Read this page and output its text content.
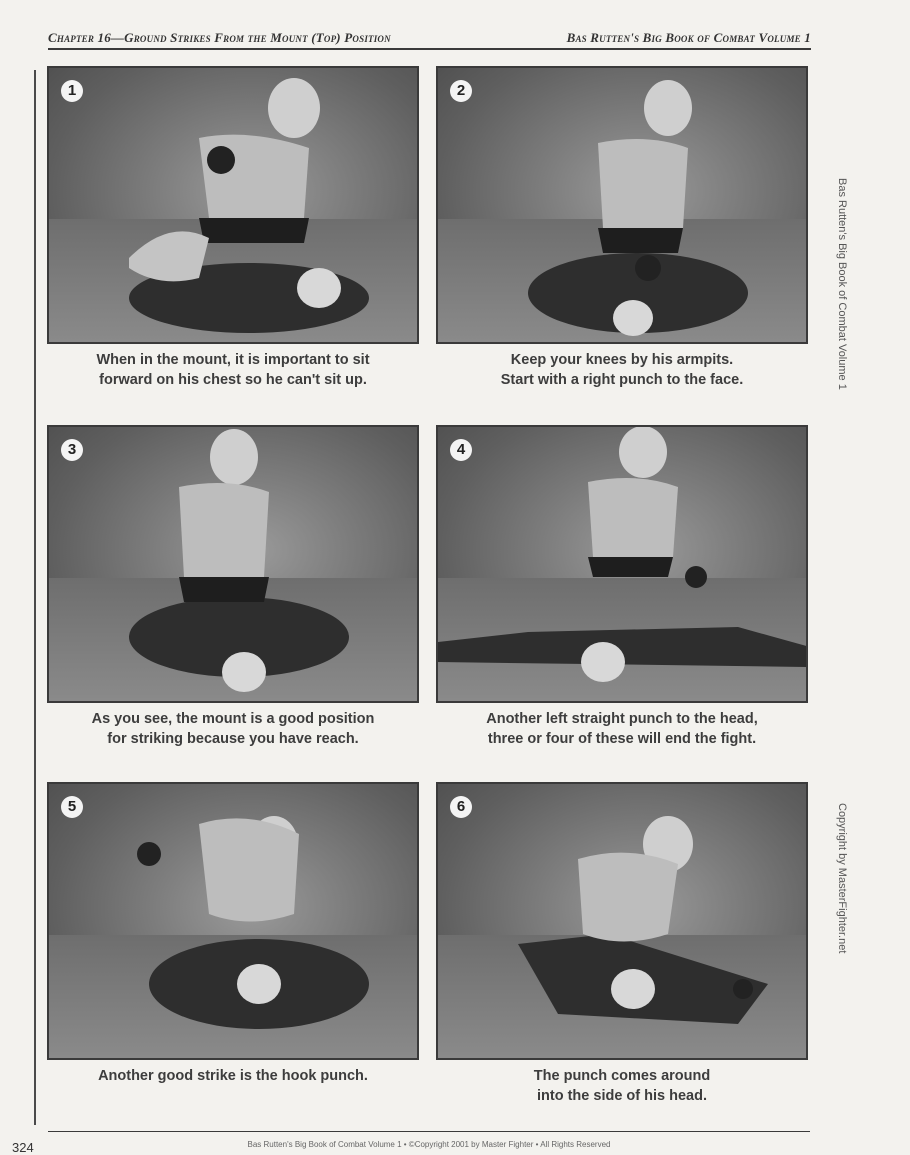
Chapter 16—Ground Strikes From the Mount (Top) Position	Bas Rutten's Big Book of Combat Volume 1
1
When in the mount, it is important to sit
forward on his chest so he can't sit up.
2
Keep your knees by his armpits.
Start with a right punch to the face.
3
As you see, the mount is a good position
for striking because you have reach.
4
Another left straight punch to the head,
three or four of these will end the fight.
5
Another good strike is the hook punch.
6
The punch comes around
into the side of his head.
Bas Rutten's Big Book of Combat Volume 1
Copyright by MasterFighter.net
324	Bas Rutten's Big Book of Combat Volume 1 • ©Copyright 2001 by Master Fighter • All Rights Reserved
